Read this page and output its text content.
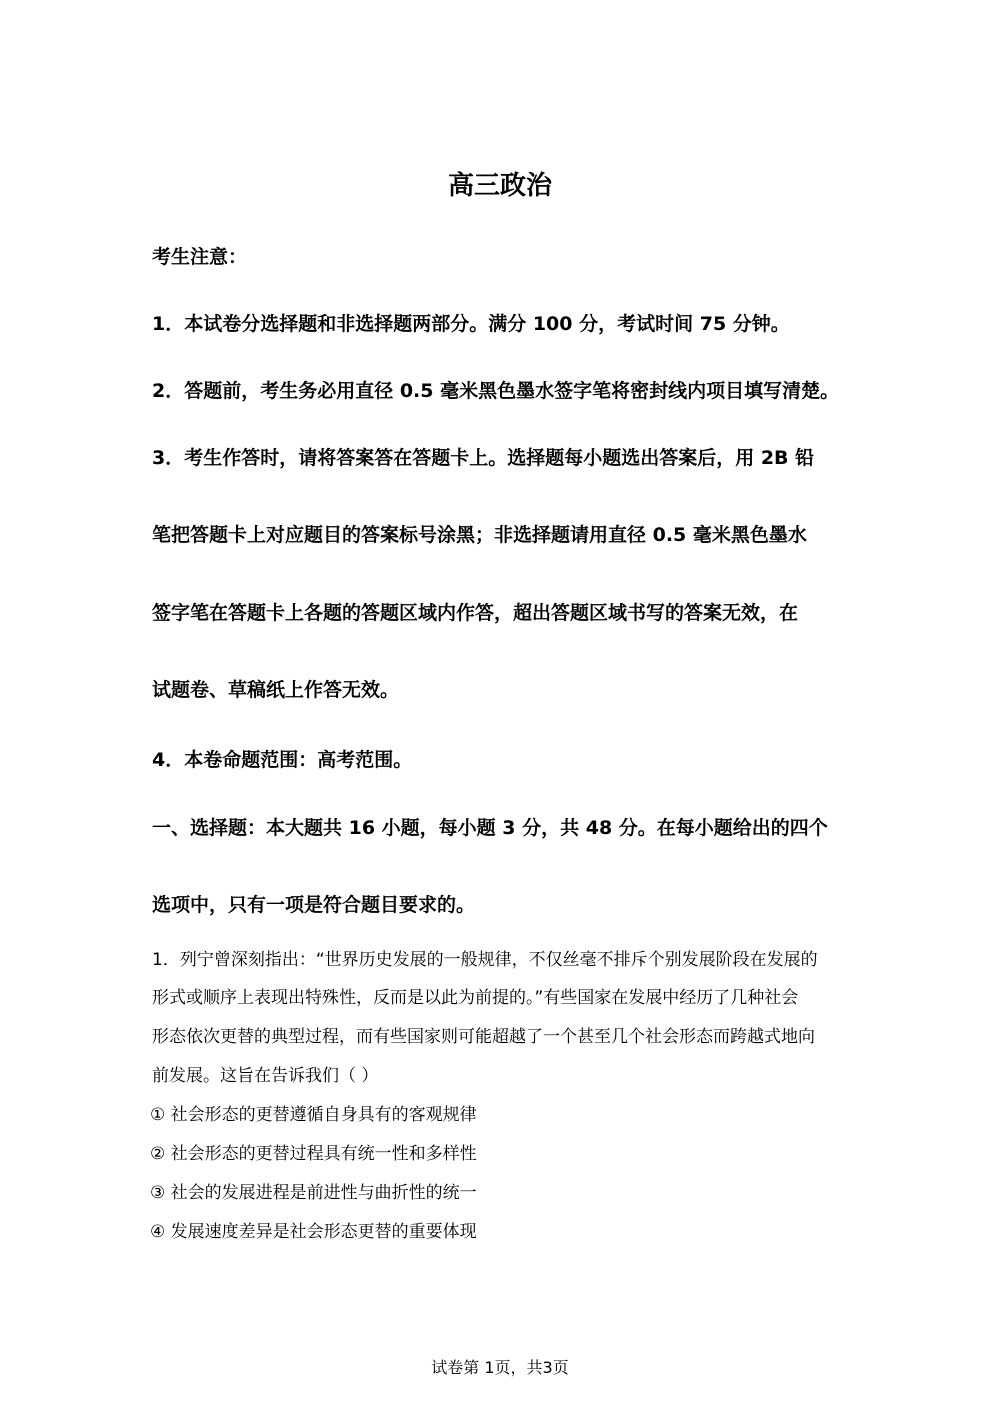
高三政治
考生注意：
1．本试卷分选择题和非选择题两部分。满分 100 分，考试时间 75 分钟。
2．答题前，考生务必用直径 0.5 毫米黑色墨水签字笔将密封线内项目填写清楚。
3．考生作答时，请将答案答在答题卡上。选择题每小题选出答案后，用 2B 铅
笔把答题卡上对应题目的答案标号涂黑；非选择题请用直径 0.5 毫米黑色墨水
签字笔在答题卡上各题的答题区域内作答，超出答题区域书写的答案无效，在
试题卷、草稿纸上作答无效。
4．本卷命题范围：高考范围。
一、选择题：本大题共 16 小题，每小题 3 分，共 48 分。在每小题给出的四个
选项中，只有一项是符合题目要求的。
1．列宁曾深刻指出：“世界历史发展的一般规律，不仅丝毫不排斥个别发展阶段在发展的
形式或顺序上表现出特殊性，反而是以此为前提的。”有些国家在发展中经历了几种社会
形态依次更替的典型过程，而有些国家则可能超越了一个甚至几个社会形态而跨越式地向
前发展。这旨在告诉我们（ ）
① 社会形态的更替遵循自身具有的客观规律
② 社会形态的更替过程具有统一性和多样性
③ 社会的发展进程是前进性与曲折性的统一
④ 发展速度差异是社会形态更替的重要体现
试卷第 1页，共3页
